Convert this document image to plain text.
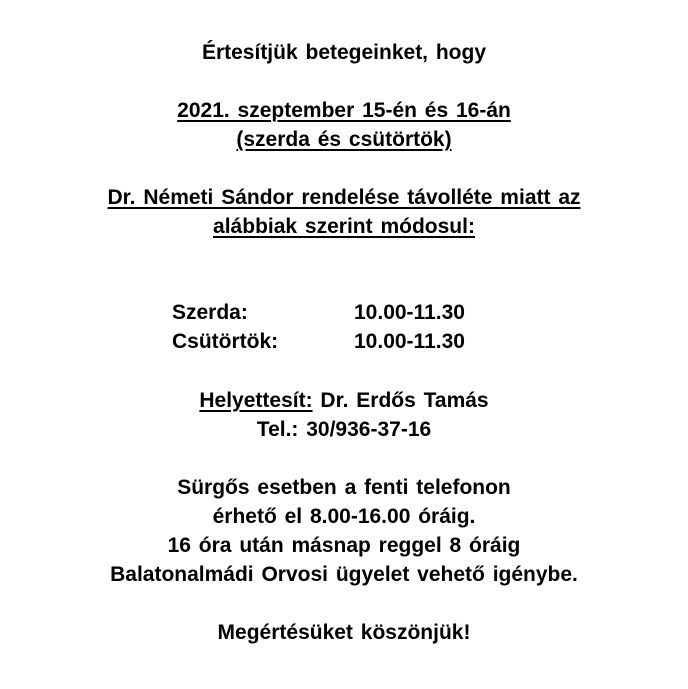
Értesítjük betegeinket, hogy
2021. szeptember 15-én és 16-án
(szerda és csütörtök)
Dr. Németi Sándor rendelése távolléte miatt az
alábbiak szerint módosul:
Szerda:	10.00-11.30
Csütörtök:	10.00-11.30
Helyettesít: Dr. Erdős Tamás
Tel.: 30/936-37-16
Sürgős esetben a fenti telefonon
érhető el 8.00-16.00 óráig.
16 óra után másnap reggel 8 óráig
Balatonalmádi Orvosi ügyelet vehető igénybe.
Megértésüket köszönjük!
